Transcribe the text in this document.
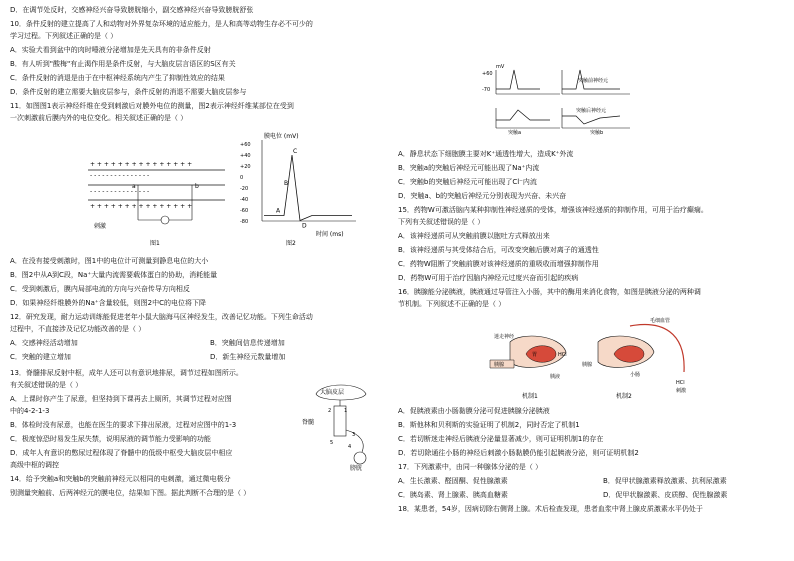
D．在调节处反时，交感神经兴奋导致膀胱缩小，副交感神经兴奋导致膀胱舒张
10．条件反射的建立提高了人和动物对外界复杂环境的适应能力，是人和高等动物生存必不可少的
学习过程。下列叙述正确的是（ ）
A．实验犬看到盆中的肉时唾液分泌增加是先天具有的非条件反射
B．有人听到"酸梅"有止渴作用是条件反射，与大脑皮层言语区的S区有关
C．条件反射的消退是由于在中枢神经系统内产生了抑制性效应的结果
D．条件反射的建立需要大脑皮层参与，条件反射的消退不需要大脑皮层参与
11．如图图1表示神经纤维在受到刺激后对膜外电位的测量，图2表示神经纤维某部位在受到
一次刺激前后膜内外的电位变化。相关叙述正确的是（ ）
A．在没有接受刺激时，图1中的电位计可测量到静息电位的大小
B．图2中从A到C段，Na⁺大量内流需要载体蛋白的协助，消耗能量
C．受到刺激后，膜内局部电流的方向与兴奋传导方向相反
D．如果神经纤维膜外的Na⁺含量较低，则图2中C的电位将下降
12．研究发现，耐力运动训练能促进老年小鼠大脑海马区神经发生，改善记忆功能。下列生命活动
过程中，不直接涉及记忆功能改善的是（ ）
A．交感神经活动增加
C．突触的建立增加
13．脊髓排尿反射中枢，成年人还可以有意识地排尿，调节过程如图所示。
有关叙述错误的是（ ）
A．上课时你产生了尿意，但坚持到下课再去上厕所，其调节过程对应图
中的4-2-1-3
B．体检时没有尿意，也能在医生的要求下排出尿液，过程对应图中的1-3
C．极度惊恐时易发生尿失禁，说明尿液的调节能力受影响的功能
D．成年人有意识的憋尿过程体现了脊髓中的低级中枢受大脑皮层中相应
高级中枢的调控
14．给予突触a和突触b的突触前神经元以相同的电刺激，通过微电极分
别测量突触前、后两神经元的膜电位，结果如下图。据此判断不合理的是（ ）
B．突触间信息传递增加
D．新生神经元数量增加
A．静息状态下细胞膜主要对K⁺通透性增大，造成K⁺外流
B．突触a的突触后神经元可能出现了Na⁺内流
C．突触b的突触后神经元可能出现了Cl⁻内流
D．突触a、b的突触后神经元分别表现为兴奋、未兴奋
15．药物W可激活脑内某种抑制性神经递质的受体，增强该神经递质的抑制作用，可用于治疗癫痫。
下列有关叙述错误的是（ ）
A．该神经递质可从突触前膜以胞吐方式释放出来
B．该神经递质与其受体结合后，可改变突触后膜对离子的通透性
C．药物W阻断了突触前膜对该神经递质的重吸收而增强抑制作用
D．药物W可用于治疗因脑内神经元过度兴奋而引起的疾病
16．胰腺能分泌胰液，胰液通过导管注入小肠，其中的酶用来消化食物，如图是胰液分泌的两种调
节机制。下列叙述不正确的是（ ）
A．促胰液素由小肠黏膜分泌可促进胰腺分泌胰液
B．斯他林和贝利斯的实验证明了机制2，同时否定了机制1
C．若切断迷走神经后胰液分泌量显著减少，则可证明机制1的存在
D．若切除通往小肠的神经后刺激小肠黏膜仍能引起胰液分泌，则可证明机制2
17．下列激素中，由同一种腺体分泌的是（ ）
A．生长激素、醛固酮、促性腺激素
C．胰岛素、肾上腺素、胰高血糖素
18．某患者，54岁，因病切除右侧肾上腺。术后检查发现，患者血浆中肾上腺皮质激素水平仍处于
B．促甲状腺激素释放激素、抗利尿激素
D．促甲状腺激素、皮质醇、促性腺激素
mV
+60
-70
突触前神经元
突触a
突触后神经元
突触b
+ + + + + + + + + + + + + + +
- - - - - - - - - - - - - - -
- - - - - - - - - - - - - - -
+ + + + + + + + + + + + + + +
a	b
刺激
图1
膜电位 (mV)
时间 (ms)
图2
+60
+40
+20
0
-20
-40
-60
-80
A
B
C
D
大脑皮层
脊髓
膀胱
1
2
3
4
5
迷走神经
胰腺
胃
胰液
HCl
机制1
毛细血管
胰腺
小肠
HCl
刺激
机制2
